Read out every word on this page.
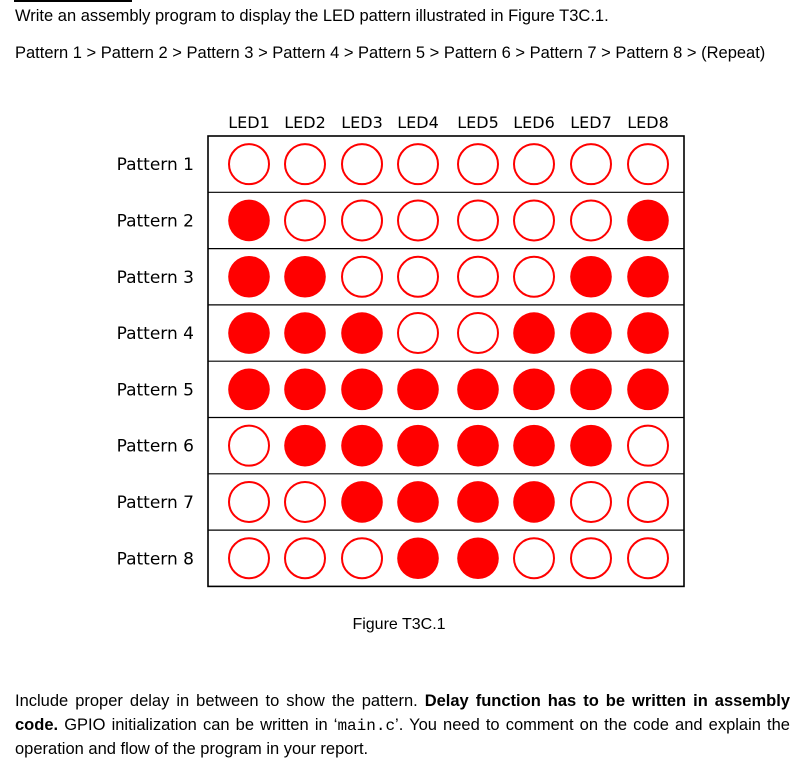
Write an assembly program to display the LED pattern illustrated in Figure T3C.1.
Pattern 1 > Pattern 2 > Pattern 3 > Pattern 4 > Pattern 5 > Pattern 6 > Pattern 7 > Pattern 8 > (Repeat)
LED1 LED2 LED3 LED4 LED5 LED6 LED7 LED8
Pattern 1
Pattern 2
Pattern 3
Pattern 4
Pattern 5
Pattern 6
Pattern 7
Pattern 8
Figure T3C.1
Include proper delay in between to show the pattern. Delay function has to be written in assembly code. GPIO initialization can be written in ‘main.c’. You need to comment on the code and explain the operation and flow of the program in your report.
